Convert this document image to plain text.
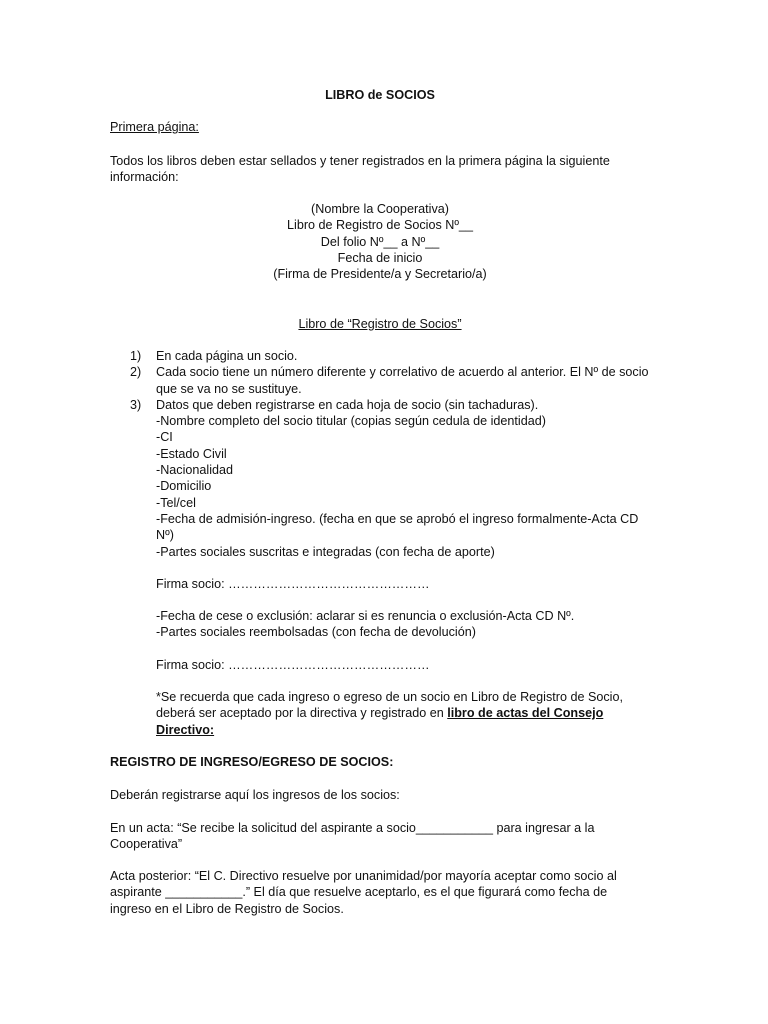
LIBRO de SOCIOS

Primera página:

Todos los libros deben estar sellados y tener registrados en la primera página la siguiente información:

(Nombre la Cooperativa)
Libro de Registro de Socios Nº__
Del folio Nº__ a Nº__
Fecha de inicio
(Firma de Presidente/a y Secretario/a)
Libro de “Registro de Socios”
1) En cada página un socio.
2) Cada socio tiene un número diferente y correlativo de acuerdo al anterior. El Nº de socio que se va no se sustituye.
3) Datos que deben registrarse en cada hoja de socio (sin tachaduras).
-Nombre completo del socio titular (copias según cedula de identidad)
-CI
-Estado Civil
-Nacionalidad
-Domicilio
-Tel/cel
-Fecha de admisión-ingreso. (fecha en que se aprobó el ingreso formalmente-Acta CD Nº)
-Partes sociales suscritas e integradas (con fecha de aporte)
Firma socio: …………………………………………
-Fecha de cese o exclusión: aclarar si es renuncia o exclusión-Acta CD Nº.
-Partes sociales reembolsadas (con fecha de devolución)
Firma socio: …………………………………………
*Se recuerda que cada ingreso o egreso de un socio en Libro de Registro de Socio, deberá ser aceptado por la directiva y registrado en libro de actas del Consejo Directivo:

REGISTRO DE INGRESO/EGRESO DE SOCIOS:

Deberán registrarse aquí los ingresos de los socios:

En un acta: “Se recibe la solicitud del aspirante a socio___________ para ingresar a la Cooperativa”

Acta posterior: “El C. Directivo resuelve por unanimidad/por mayoría aceptar como socio al aspirante ___________.” El día que resuelve aceptarlo, es el que figurará como fecha de ingreso en el Libro de Registro de Socios.
